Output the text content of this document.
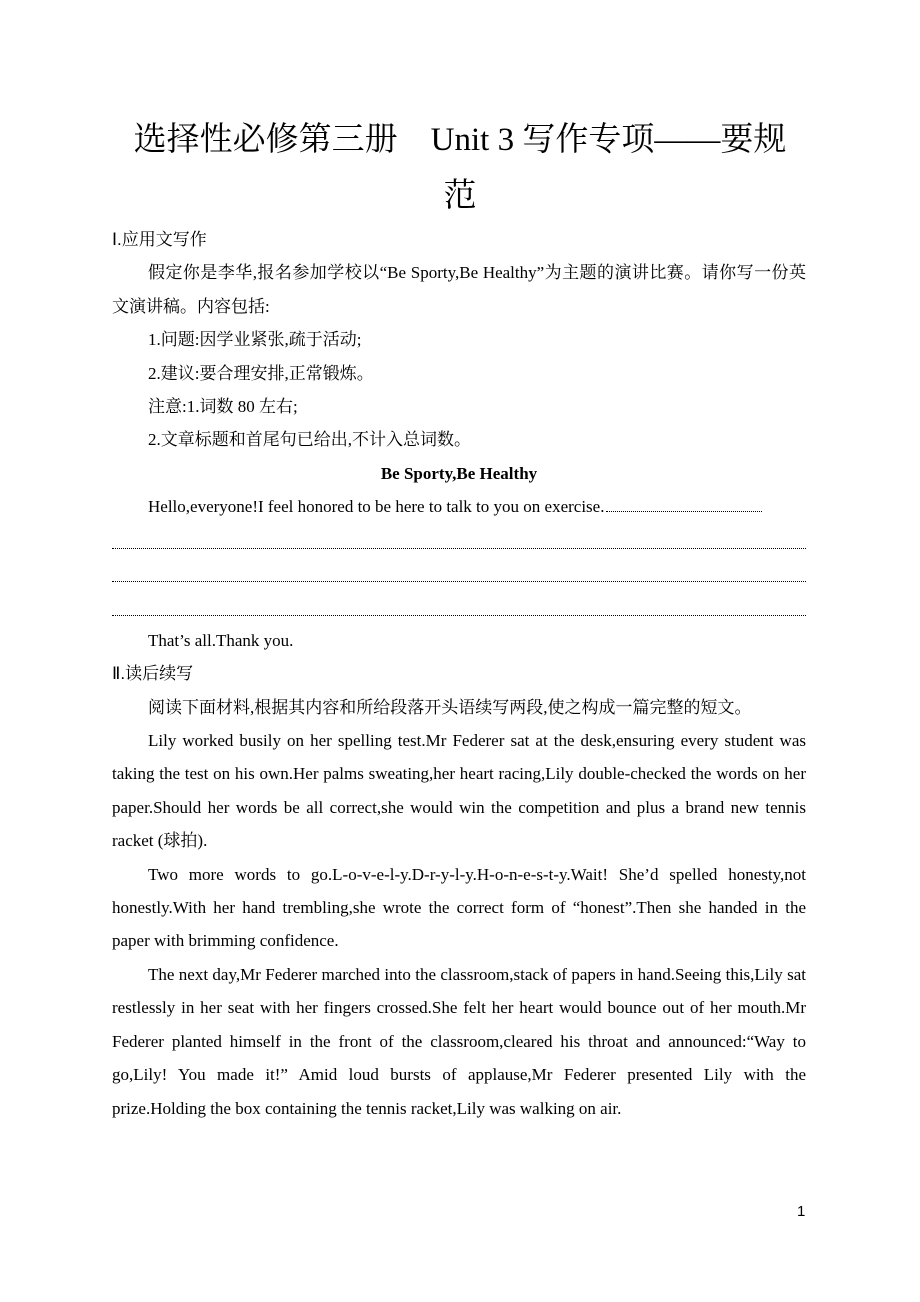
选择性必修第三册　Unit 3 写作专项——要规
范

Ⅰ.应用文写作

假定你是李华,报名参加学校以“Be Sporty,Be Healthy”为主题的演讲比赛。请你写一份英文演讲稿。内容包括:

1.问题:因学业紧张,疏于活动;

2.建议:要合理安排,正常锻炼。

注意:1.词数 80 左右;

2.文章标题和首尾句已给出,不计入总词数。

Be Sporty,Be Healthy

Hello,everyone!I feel honored to be here to talk to you on exercise.

That’s all.Thank you.

Ⅱ.读后续写

阅读下面材料,根据其内容和所给段落开头语续写两段,使之构成一篇完整的短文。

Lily worked busily on her spelling test.Mr Federer sat at the desk,ensuring every student was taking the test on his own.Her palms sweating,her heart racing,Lily double-checked the words on her paper.Should her words be all correct,she would win the competition and plus a brand new tennis racket (球拍).

Two more words to go.L-o-v-e-l-y.D-r-y-l-y.H-o-n-e-s-t-y.Wait! She’d spelled honesty,not honestly.With her hand trembling,she wrote the correct form of “honest”.Then she handed in the paper with brimming confidence.

The next day,Mr Federer marched into the classroom,stack of papers in hand.Seeing this,Lily sat restlessly in her seat with her fingers crossed.She felt her heart would bounce out of her mouth.Mr Federer planted himself in the front of the classroom,cleared his throat and announced:“Way to go,Lily! You made it!” Amid loud bursts of applause,Mr Federer presented Lily with the prize.Holding the box containing the tennis racket,Lily was walking on air.

1
